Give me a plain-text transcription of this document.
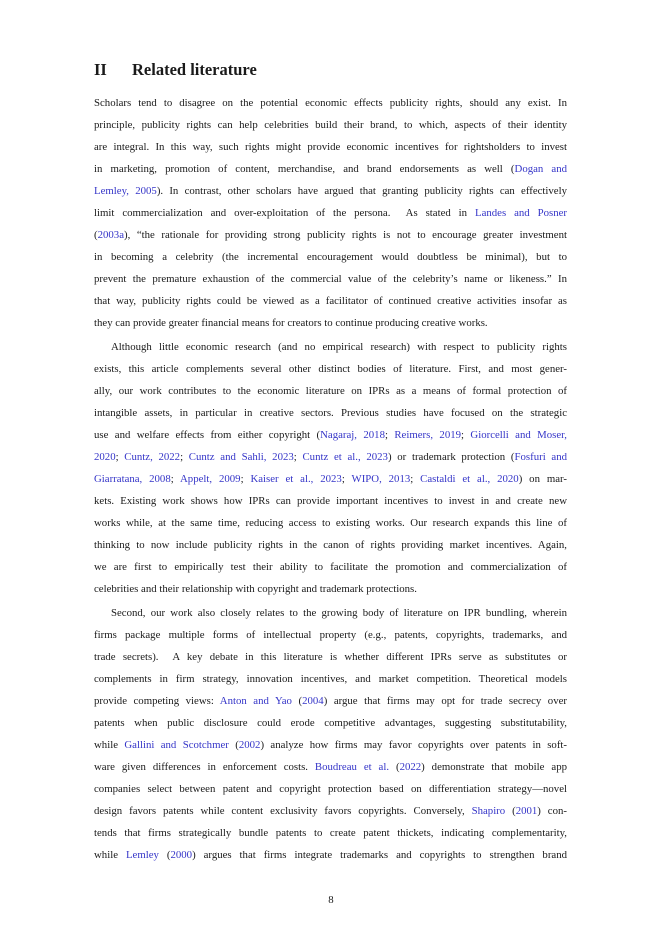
II Related literature
Scholars tend to disagree on the potential economic effects publicity rights, should any exist. In
principle, publicity rights can help celebrities build their brand, to which, aspects of their identity
are integral. In this way, such rights might provide economic incentives for rightsholders to invest
in marketing, promotion of content, merchandise, and brand endorsements as well (Dogan and
Lemley, 2005). In contrast, other scholars have argued that granting publicity rights can effectively
limit commercialization and over-exploitation of the persona.  As stated in Landes and Posner
(2003a), “the rationale for providing strong publicity rights is not to encourage greater investment
in becoming a celebrity (the incremental encouragement would doubtless be minimal), but to
prevent the premature exhaustion of the commercial value of the celebrity’s name or likeness.” In
that way, publicity rights could be viewed as a facilitator of continued creative activities insofar as
they can provide greater financial means for creators to continue producing creative works.
Although little economic research (and no empirical research) with respect to publicity rights
exists, this article complements several other distinct bodies of literature. First, and most gener-
ally, our work contributes to the economic literature on IPRs as a means of formal protection of
intangible assets, in particular in creative sectors. Previous studies have focused on the strategic
use and welfare effects from either copyright (Nagaraj, 2018; Reimers, 2019; Giorcelli and Moser,
2020; Cuntz, 2022; Cuntz and Sahli, 2023; Cuntz et al., 2023) or trademark protection (Fosfuri and
Giarratana, 2008; Appelt, 2009; Kaiser et al., 2023; WIPO, 2013; Castaldi et al., 2020) on mar-
kets. Existing work shows how IPRs can provide important incentives to invest in and create new
works while, at the same time, reducing access to existing works. Our research expands this line of
thinking to now include publicity rights in the canon of rights providing market incentives. Again,
we are first to empirically test their ability to facilitate the promotion and commercialization of
celebrities and their relationship with copyright and trademark protections.
Second, our work also closely relates to the growing body of literature on IPR bundling, wherein
firms package multiple forms of intellectual property (e.g., patents, copyrights, trademarks, and
trade secrets).  A key debate in this literature is whether different IPRs serve as substitutes or
complements in firm strategy, innovation incentives, and market competition. Theoretical models
provide competing views: Anton and Yao (2004) argue that firms may opt for trade secrecy over
patents when public disclosure could erode competitive advantages, suggesting substitutability,
while Gallini and Scotchmer (2002) analyze how firms may favor copyrights over patents in soft-
ware given differences in enforcement costs. Boudreau et al. (2022) demonstrate that mobile app
companies select between patent and copyright protection based on differentiation strategy—novel
design favors patents while content exclusivity favors copyrights. Conversely, Shapiro (2001) con-
tends that firms strategically bundle patents to create patent thickets, indicating complementarity,
while Lemley (2000) argues that firms integrate trademarks and copyrights to strengthen brand
8
